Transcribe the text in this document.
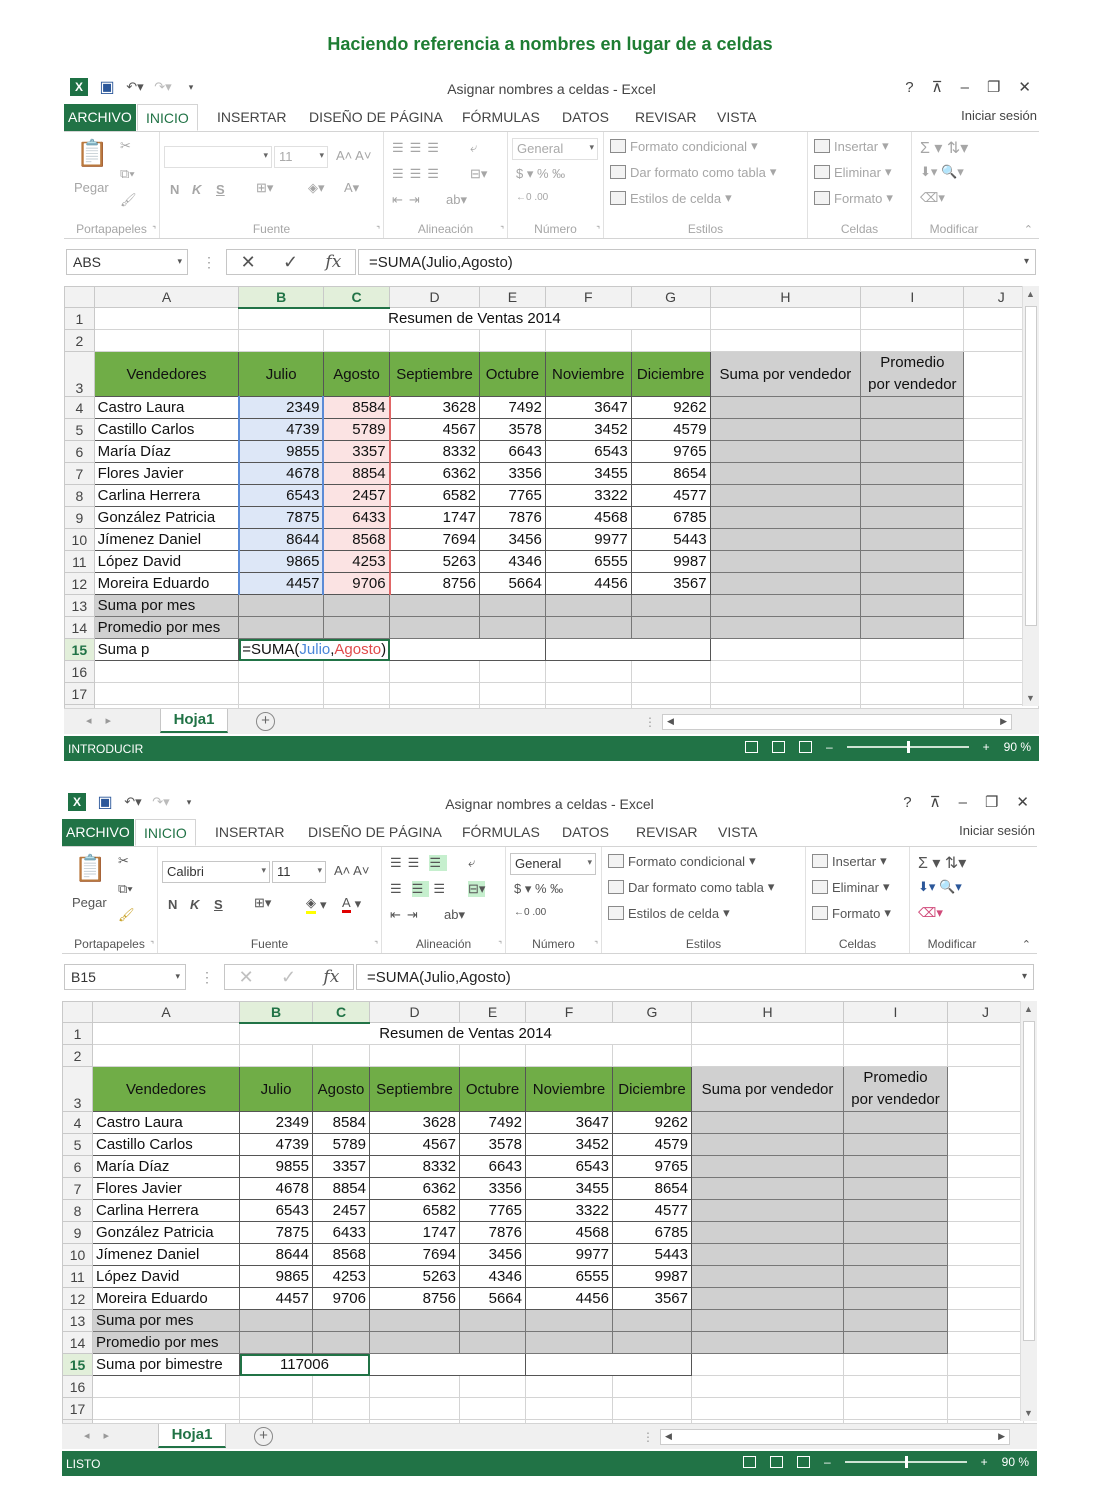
Haciendo referencia a nombres en lugar de a celdas
X	▣ ↶▾ ↷▾	▾	Asignar nombres a celdas - Excel	? ⊼ – ❐ ✕
ARCHIVO	INICIO	INSERTAR	DISEÑO DE PÁGINA	FÓRMULAS	DATOS	REVISAR	VISTA	Iniciar sesión
📋
Pegar
✂
⧉▾
🖌
Portapapeles ⌝
▾ 11	▾ A˄ A˅
N K S ⊞▾	◈▾ A▾
Fuente	⌝
☰☰☰ ⤶
☰☰☰ ⊟▾
⇤⇥ ab▾
Alineación	⌝
General	▾
$ ▾ % ‰
←0 .00
Número	⌝
Formato condicional ▾
Dar formato como tabla ▾
Estilos de celda ▾
Estilos
Insertar ▾
Eliminar ▾
Formato ▾
Celdas
Σ ▾ ⇅▾
⬇▾ 🔍▾
⌫▾
Modificar	⌃
ABS	▾ ⋮ ✕ ✓ fx	=SUMA(Julio,Agosto)	▾
	A	B	C	D	E	F	G	H	I	J
1		Resumen de Ventas 2014								
2										
3	Vendedores	Julio	Agosto	Septiembre	Octubre	Noviembre	Diciembre	Suma por vendedor	Promedio
por vendedor	
4	Castro Laura	2349	8584	3628	7492	3647	9262			
5	Castillo Carlos	4739	5789	4567	3578	3452	4579			
6	María Díaz	9855	3357	8332	6643	6543	9765			
7	Flores Javier	4678	8854	6362	3356	3455	8654			
8	Carlina Herrera	6543	2457	6582	7765	3322	4577			
9	González Patricia	7875	6433	1747	7876	4568	6785			
10	Jímenez Daniel	8644	8568	7694	3456	9977	5443			
11	López David	9865	4253	5263	4346	6555	9987			
12	Moreira Eduardo	4457	9706	8756	5664	4456	3567			
13	Suma por mes									
14	Promedio por mes									
15	Suma p	=SUMA(Julio,Agosto)								
16										
17										

▲
▼
◂▸	Hoja1	+	⋮ ◀	▶
INTRODUCIR	–	+ 90 %
X	▣ ↶▾ ↷▾	▾	Asignar nombres a celdas - Excel	? ⊼ – ❐ ✕
ARCHIVO	INICIO	INSERTAR	DISEÑO DE PÁGINA	FÓRMULAS	DATOS	REVISAR	VISTA	Iniciar sesión
📋
Pegar
✂
⧉▾
🖌
Portapapeles ⌝
Calibri	▾ 11	▾ A˄ A˅
N K S ⊞▾	◈ ▾ A ▾
Fuente	⌝
☰☰ ☰ ⤶
☰ ☰ ☰ ⊟▾
⇤⇥ ab▾
Alineación	⌝
General	▾
$ ▾ % ‰
←0 .00
Número	⌝
Formato condicional ▾
Dar formato como tabla ▾
Estilos de celda ▾
Estilos
Insertar ▾
Eliminar ▾
Formato ▾
Celdas
Σ ▾ ⇅▾
⬇▾ 🔍▾
⌫▾
Modificar	⌃
B15	▾ ⋮ ✕ ✓ fx	=SUMA(Julio,Agosto)	▾
	A	B	C	D	E	F	G	H	I	J
1		Resumen de Ventas 2014								
2										
3	Vendedores	Julio	Agosto	Septiembre	Octubre	Noviembre	Diciembre	Suma por vendedor	Promedio
por vendedor	
4	Castro Laura	2349	8584	3628	7492	3647	9262			
5	Castillo Carlos	4739	5789	4567	3578	3452	4579			
6	María Díaz	9855	3357	8332	6643	6543	9765			
7	Flores Javier	4678	8854	6362	3356	3455	8654			
8	Carlina Herrera	6543	2457	6582	7765	3322	4577			
9	González Patricia	7875	6433	1747	7876	4568	6785			
10	Jímenez Daniel	8644	8568	7694	3456	9977	5443			
11	López David	9865	4253	5263	4346	6555	9987			
12	Moreira Eduardo	4457	9706	8756	5664	4456	3567			
13	Suma por mes									
14	Promedio por mes									
15	Suma por bimestre	117006								
16										
17										

▲
▼
◂▸	Hoja1	+	⋮ ◀	▶
LISTO	–	+ 90 %
